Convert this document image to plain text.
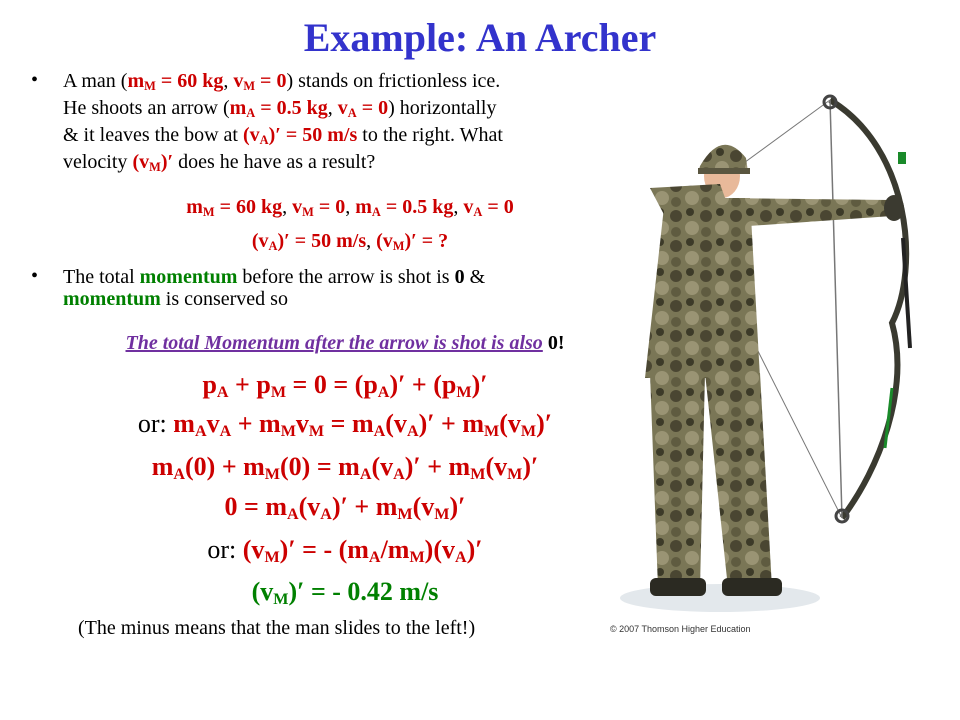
Example: An Archer
• A man ($m_M = 60$ kg, $v_M = 0$) stands on frictionless ice.
He shoots an arrow ($m_A = 0.5$ kg, $v_A = 0$) horizontally
& it leaves the bow at $(v_A)' = 50$ m/s to the right. What
velocity $(v_M)'$ does he have as a result?
$m_M = 60$ kg, $v_M = 0$, $m_A = 0.5$ kg, $v_A = 0$
$(v_A)' = 50$ m/s, $(v_M)'$ = ?
• The total momentum before the arrow is shot is 0 &
momentum is conserved so
The total Momentum after the arrow is shot is also 0!
$p_A + p_M = 0 = (p_A)' + (p_M)'$
or: $m_Av_A + m_Mv_M = m_A(v_A)' + m_M(v_M)'$
$m_A(0) + m_M(0) = m_A(v_A)' + m_M(v_M)'$
$0 = m_A(v_A)' + m_M(v_M)'$
or: $(v_M)'$ = - $(m_A/m_M)(v_A)'$
$(v_M)'$ = - 0.42 m/s
(The minus means that the man slides to the left!)	© 2007 Thomson Higher Education
